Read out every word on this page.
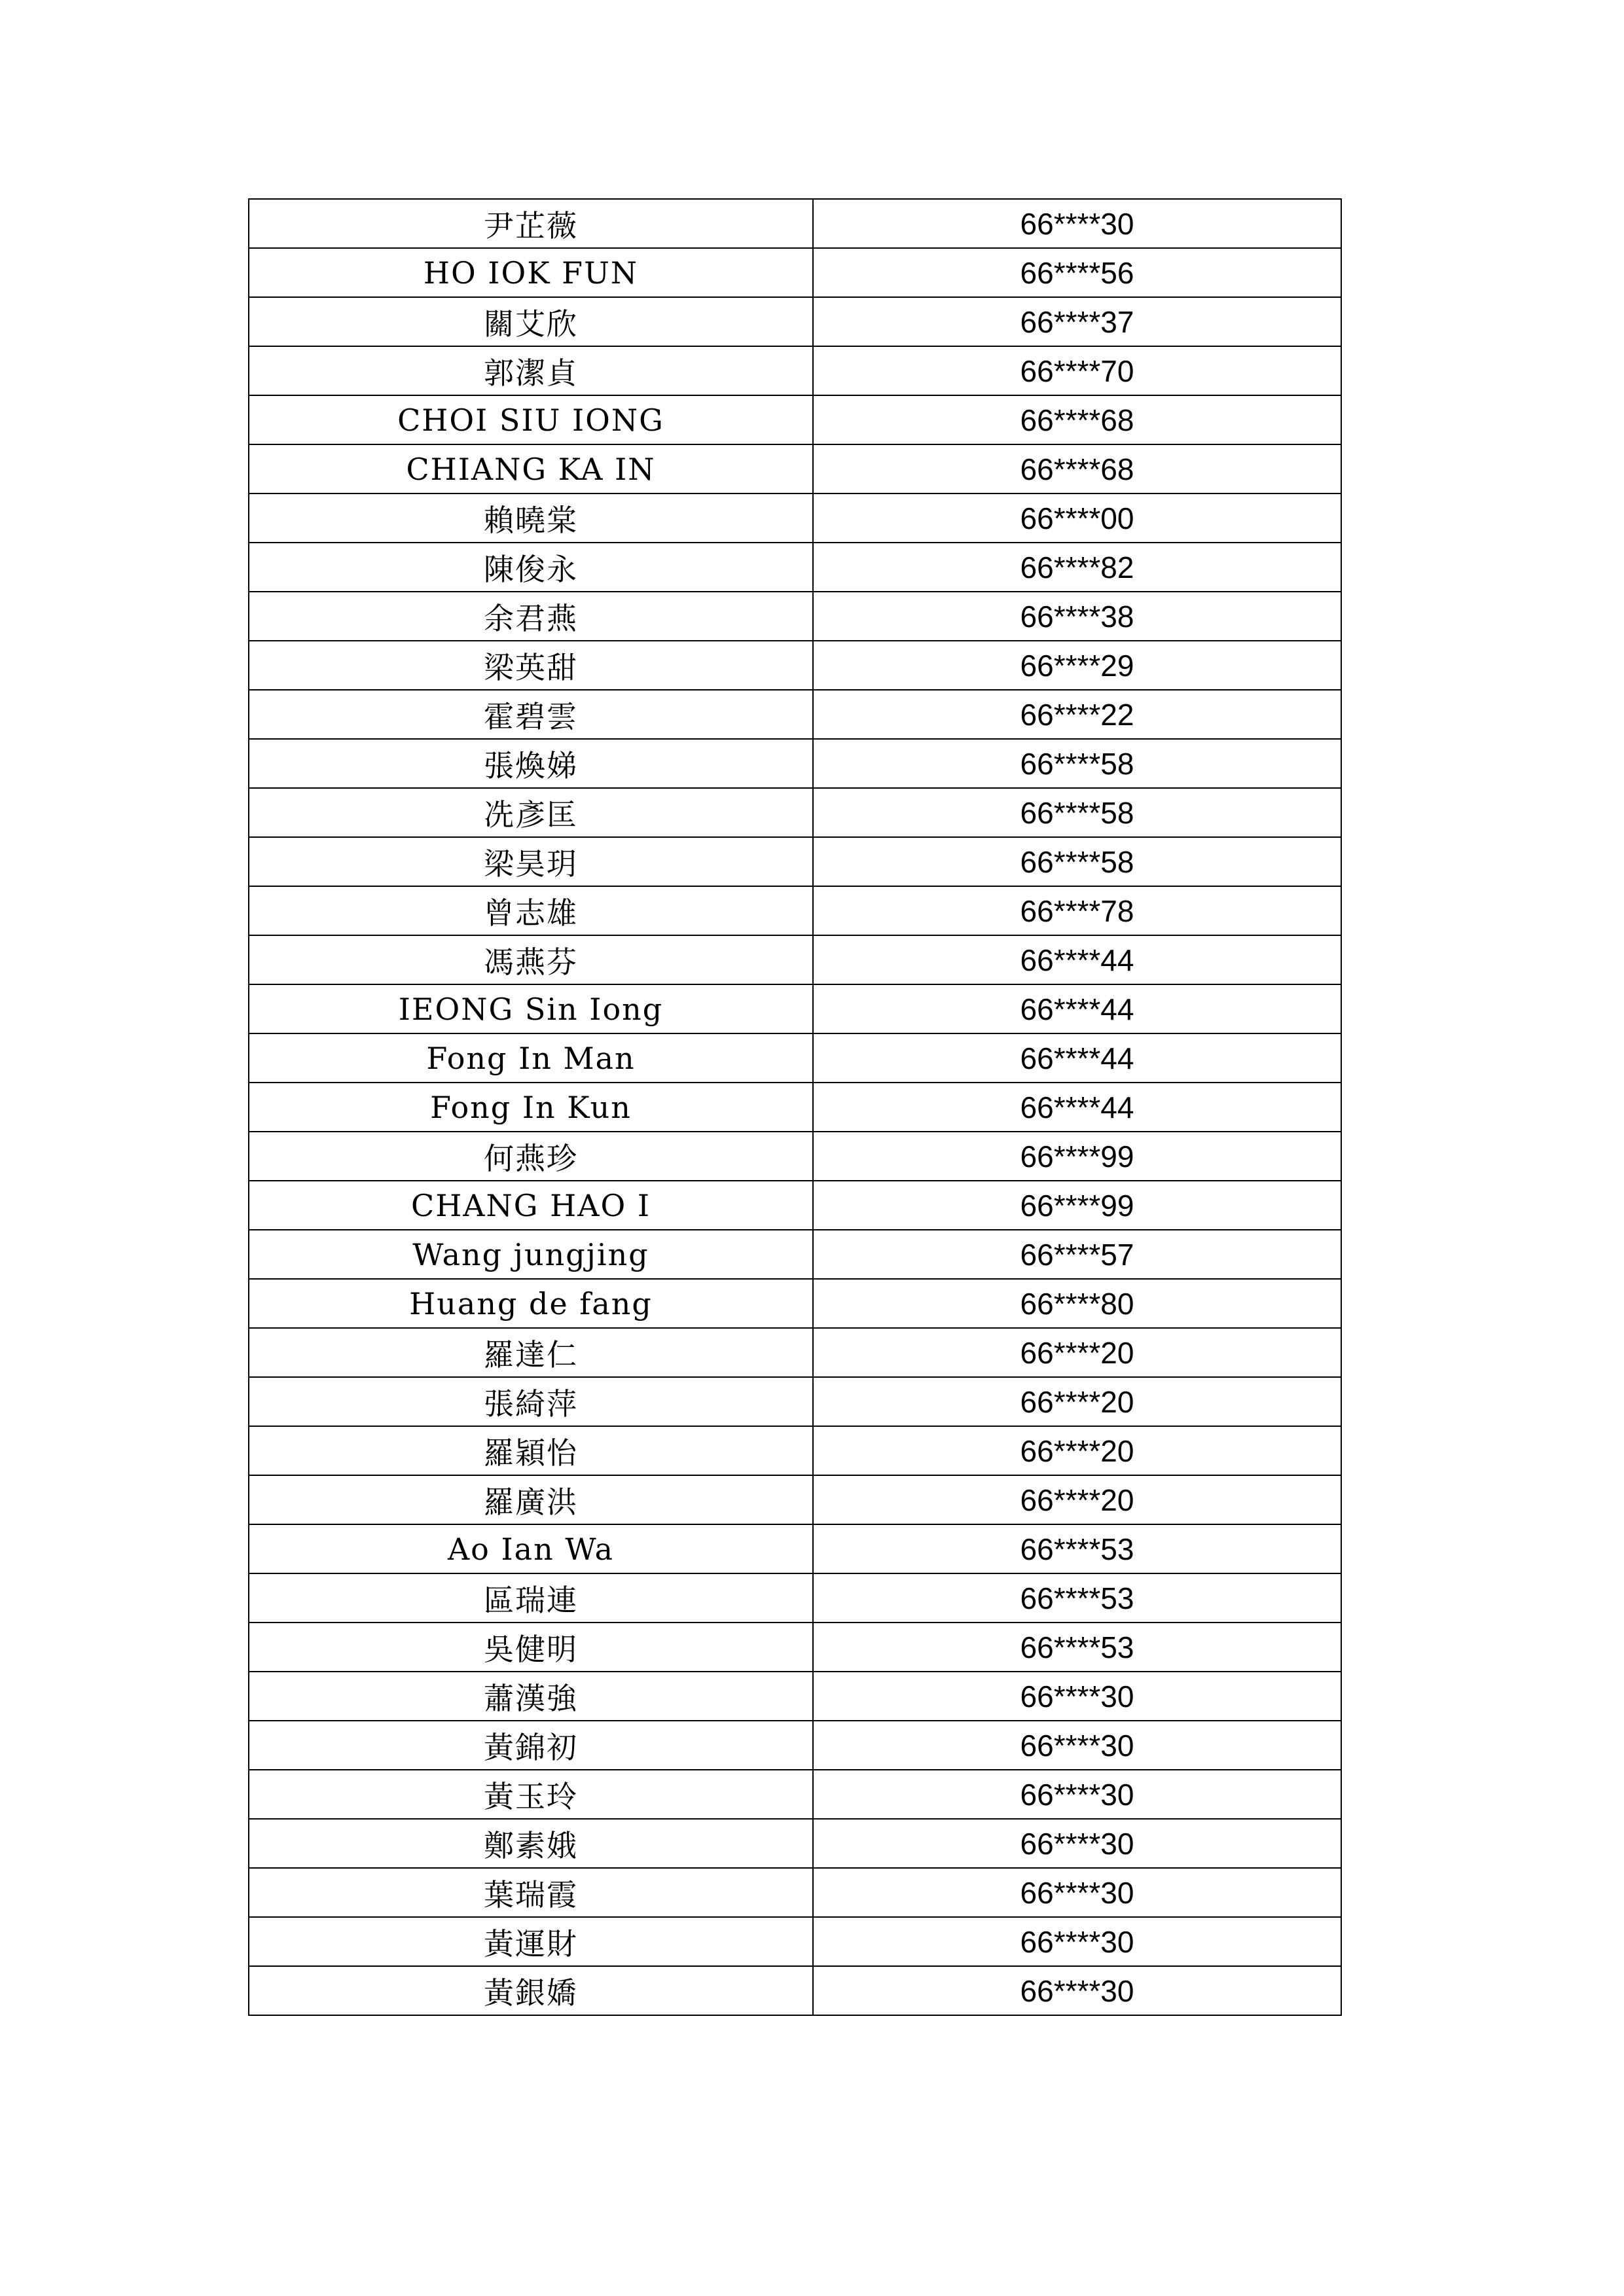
尹芷薇	66****30
HO IOK FUN	66****56
關艾欣	66****37
郭潔貞	66****70
CHOI SIU IONG	66****68
CHIANG KA IN	66****68
賴曉棠	66****00
陳俊永	66****82
余君燕	66****38
梁英甜	66****29
霍碧雲	66****22
張煥娣	66****58
冼彥匡	66****58
梁昊玥	66****58
曾志雄	66****78
馮燕芬	66****44
IEONG Sin Iong	66****44
Fong In Man	66****44
Fong In Kun	66****44
何燕珍	66****99
CHANG HAO I	66****99
Wang jungjing	66****57
Huang de fang	66****80
羅達仁	66****20
張綺萍	66****20
羅穎怡	66****20
羅廣洪	66****20
Ao Ian Wa	66****53
區瑞連	66****53
吳健明	66****53
蕭漢強	66****30
黃錦初	66****30
黃玉玲	66****30
鄭素娥	66****30
葉瑞霞	66****30
黃運財	66****30
黃銀嬌	66****30
